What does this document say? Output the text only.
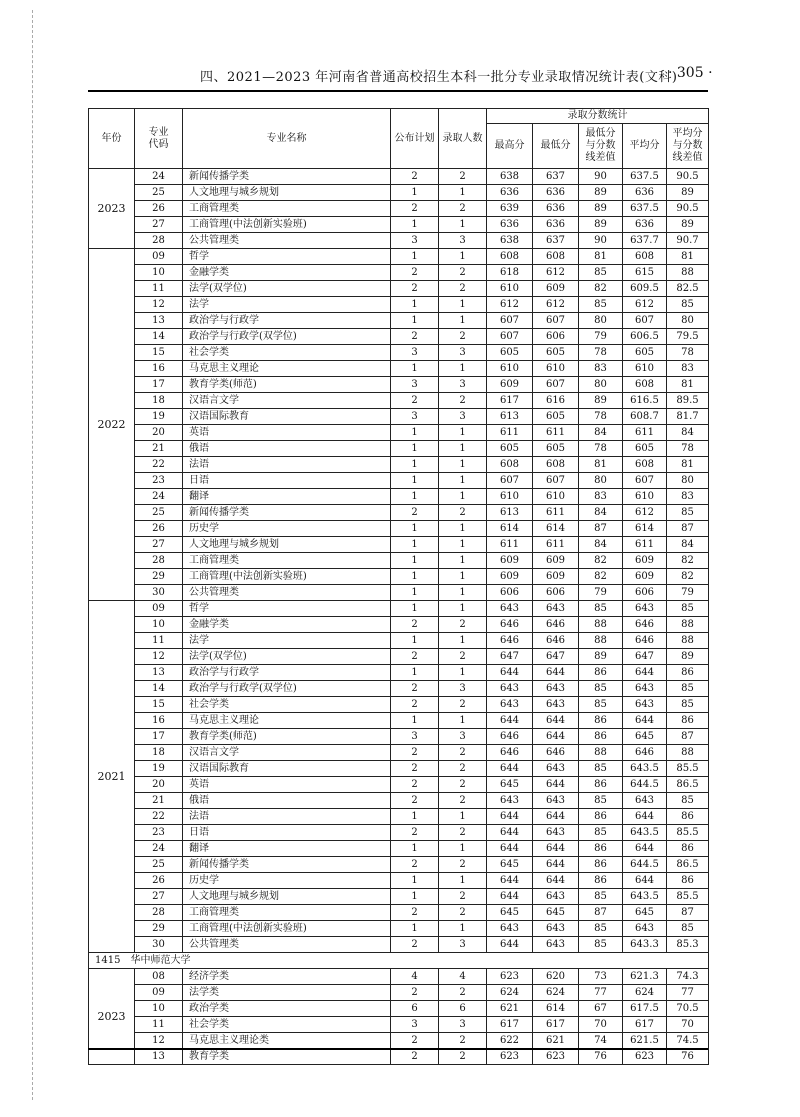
四、2021—2023 年河南省普通高校招生本科一批分专业录取情况统计表(文科)
· 305 ·
年份	专业代码	专业名称	公布计划	录取人数	录取分数统计				
					最高分	最低分	最低分与分数线差值	平均分	平均分与分数线差值
2023	24	新闻传播学类	2	2	638	637	90	637.5	90.5
	25	人文地理与城乡规划	1	1	636	636	89	636	89
	26	工商管理类	2	2	639	636	89	637.5	90.5
	27	工商管理(中法创新实验班)	1	1	636	636	89	636	89
	28	公共管理类	3	3	638	637	90	637.7	90.7
2022	09	哲学	1	1	608	608	81	608	81
	10	金融学类	2	2	618	612	85	615	88
	11	法学(双学位)	2	2	610	609	82	609.5	82.5
	12	法学	1	1	612	612	85	612	85
	13	政治学与行政学	1	1	607	607	80	607	80
	14	政治学与行政学(双学位)	2	2	607	606	79	606.5	79.5
	15	社会学类	3	3	605	605	78	605	78
	16	马克思主义理论	1	1	610	610	83	610	83
	17	教育学类(师范)	3	3	609	607	80	608	81
	18	汉语言文学	2	2	617	616	89	616.5	89.5
	19	汉语国际教育	3	3	613	605	78	608.7	81.7
	20	英语	1	1	611	611	84	611	84
	21	俄语	1	1	605	605	78	605	78
	22	法语	1	1	608	608	81	608	81
	23	日语	1	1	607	607	80	607	80
	24	翻译	1	1	610	610	83	610	83
	25	新闻传播学类	2	2	613	611	84	612	85
	26	历史学	1	1	614	614	87	614	87
	27	人文地理与城乡规划	1	1	611	611	84	611	84
	28	工商管理类	1	1	609	609	82	609	82
	29	工商管理(中法创新实验班)	1	1	609	609	82	609	82
	30	公共管理类	1	1	606	606	79	606	79
2021	09	哲学	1	1	643	643	85	643	85
	10	金融学类	2	2	646	646	88	646	88
	11	法学	1	1	646	646	88	646	88
	12	法学(双学位)	2	2	647	647	89	647	89
	13	政治学与行政学	1	1	644	644	86	644	86
	14	政治学与行政学(双学位)	2	3	643	643	85	643	85
	15	社会学类	2	2	643	643	85	643	85
	16	马克思主义理论	1	1	644	644	86	644	86
	17	教育学类(师范)	3	3	646	644	86	645	87
	18	汉语言文学	2	2	646	646	88	646	88
	19	汉语国际教育	2	2	644	643	85	643.5	85.5
	20	英语	2	2	645	644	86	644.5	86.5
	21	俄语	2	2	643	643	85	643	85
	22	法语	1	1	644	644	86	644	86
	23	日语	2	2	644	643	85	643.5	85.5
	24	翻译	1	1	644	644	86	644	86
	25	新闻传播学类	2	2	645	644	86	644.5	86.5
	26	历史学	1	1	644	644	86	644	86
	27	人文地理与城乡规划	1	2	644	643	85	643.5	85.5
	28	工商管理类	2	2	645	645	87	645	87
	29	工商管理(中法创新实验班)	1	1	643	643	85	643	85
	30	公共管理类	2	3	644	643	85	643.3	85.3
1415 华中师范大学									
2023	08	经济学类	4	4	623	620	73	621.3	74.3
	09	法学类	2	2	624	624	77	624	77
	10	政治学类	6	6	621	614	67	617.5	70.5
	11	社会学类	3	3	617	617	70	617	70
	12	马克思主义理论类	2	2	622	621	74	621.5	74.5
	13	教育学类	2	2	623	623	76	623	76
